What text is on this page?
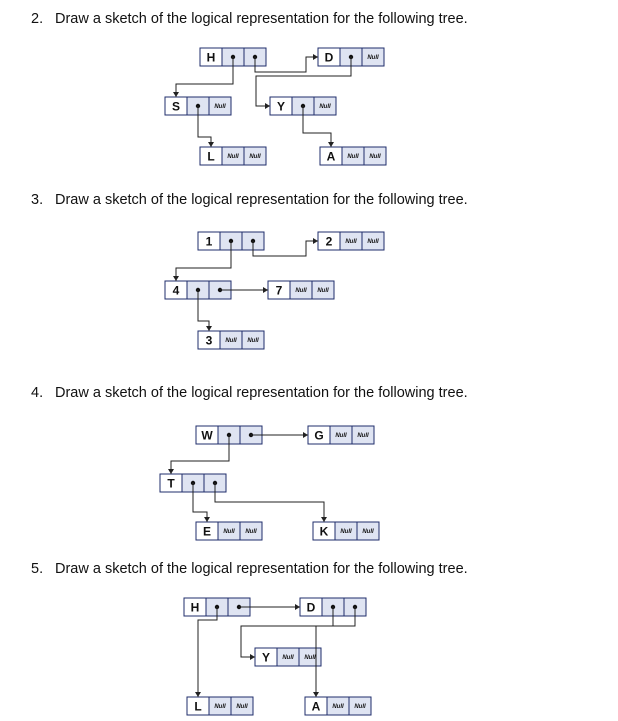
2. Draw a sketch of the logical representation for the following tree.
3. Draw a sketch of the logical representation for the following tree.
4. Draw a sketch of the logical representation for the following tree.
5. Draw a sketch of the logical representation for the following tree.
H	D	Null
S	Null	Y	Null
L Null Null	A Null Null
1	2 Null Null
4	7 Null Null
3 Null Null
W	G Null Null
T
E Null Null	K Null Null
H	D
Y Null Null
L Null Null	A Null Null
